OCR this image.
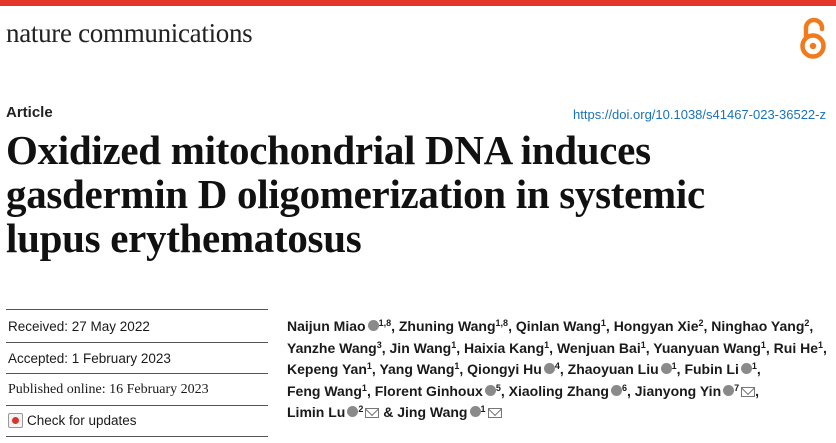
nature communications
Article	https://doi.org/10.1038/s41467-023-36522-z
Oxidized mitochondrial DNA induces
gasdermin D oligomerization in systemic
lupus erythematosus
Received: 27 May 2022
Accepted: 1 February 2023
Published online: 16 February 2023
Check for updates
Naijun Miao $^{1,8}$, Zhuning Wang$^{1,8}$, Qinlan Wang$^1$, Hongyan Xie$^2$, Ninghao Yang$^2$,
Yanzhe Wang$^3$, Jin Wang$^1$, Haixia Kang$^1$, Wenjuan Bai$^1$, Yuanyuan Wang$^1$, Rui He$^1$,
Kepeng Yan$^1$, Yang Wang$^1$, Qiongyi Hu $^4$, Zhaoyuan Liu $^1$, Fubin Li $^1$,
Feng Wang$^1$, Florent Ginhoux $^5$, Xiaoling Zhang $^6$, Jianyong Yin $^7$ ,
Limin Lu $^2$ & Jing Wang $^1$
